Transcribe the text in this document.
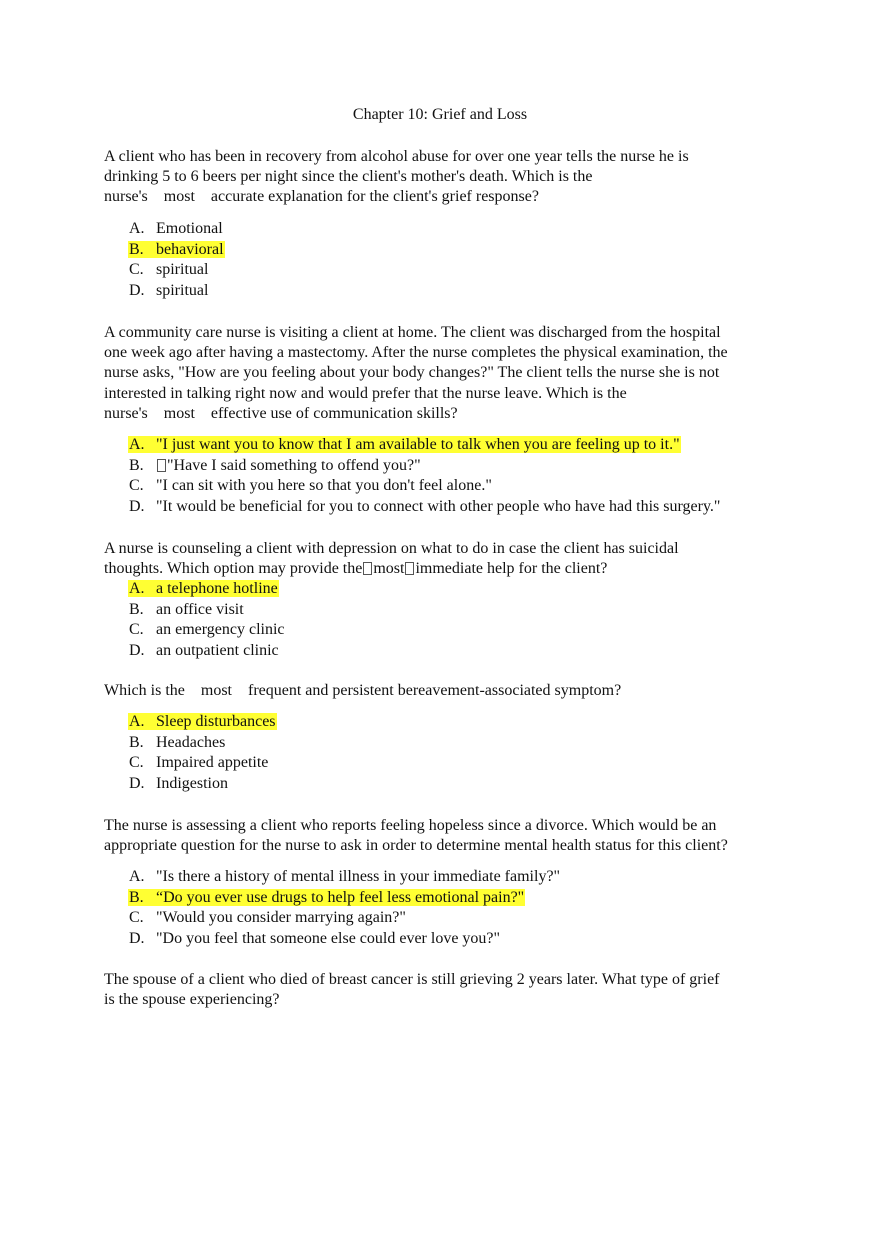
Chapter 10: Grief and Loss
A client who has been in recovery from alcohol abuse for over one year tells the nurse he is
drinking 5 to 6 beers per night since the client's mother's death. Which is the
nurse's most accurate explanation for the client's grief response?
A. Emotional
B. behavioral
C. spiritual
D. spiritual
A community care nurse is visiting a client at home. The client was discharged from the hospital
one week ago after having a mastectomy. After the nurse completes the physical examination, the
nurse asks, "How are you feeling about your body changes?" The client tells the nurse she is not
interested in talking right now and would prefer that the nurse leave. Which is the
nurse's most effective use of communication skills?
A. "I just want you to know that I am available to talk when you are feeling up to it."
B. "Have I said something to offend you?"
C. "I can sit with you here so that you don't feel alone."
D. "It would be beneficial for you to connect with other people who have had this surgery."
A nurse is counseling a client with depression on what to do in case the client has suicidal
thoughts. Which option may provide the most immediate help for the client?
A. a telephone hotline
B. an office visit
C. an emergency clinic
D. an outpatient clinic
Which is the most frequent and persistent bereavement-associated symptom?
A. Sleep disturbances
B. Headaches
C. Impaired appetite
D. Indigestion
The nurse is assessing a client who reports feeling hopeless since a divorce. Which would be an
appropriate question for the nurse to ask in order to determine mental health status for this client?
A. "Is there a history of mental illness in your immediate family?"
B. “Do you ever use drugs to help feel less emotional pain?"
C. "Would you consider marrying again?"
D. "Do you feel that someone else could ever love you?"
The spouse of a client who died of breast cancer is still grieving 2 years later. What type of grief
is the spouse experiencing?
